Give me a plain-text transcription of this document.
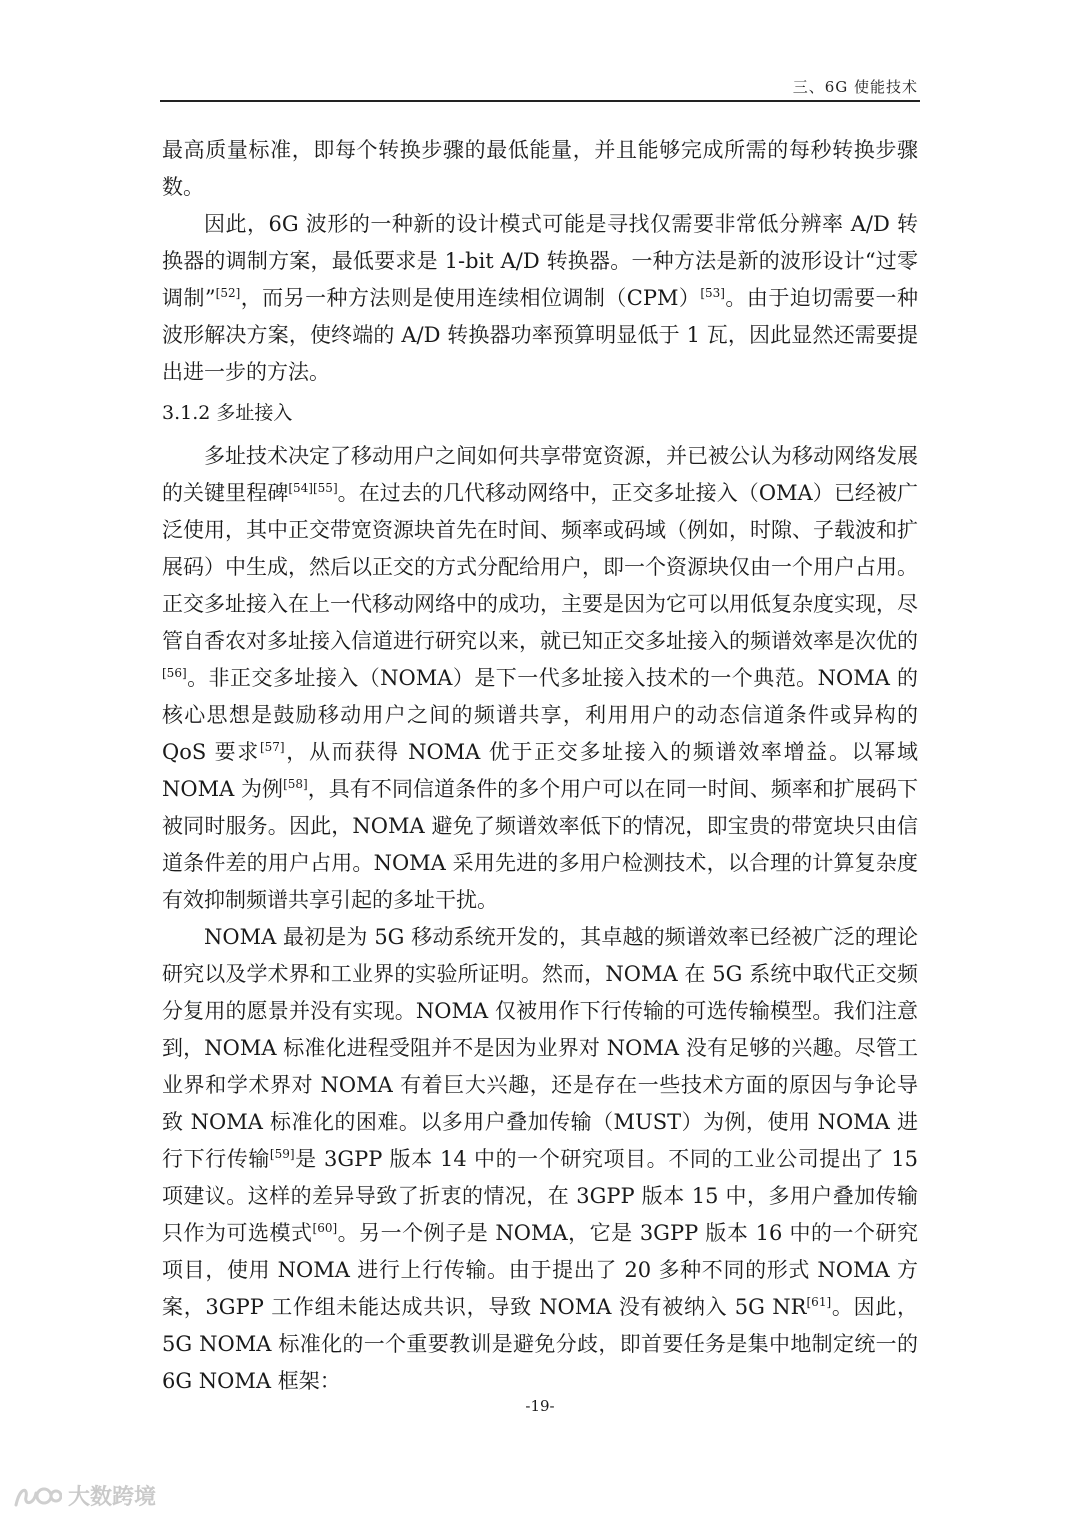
三、6G 使能技术

最高质量标准，即每个转换步骤的最低能量，并且能够完成所需的每秒转换步骤数。

因此，6G 波形的一种新的设计模式可能是寻找仅需要非常低分辨率 A/D 转换器的调制方案，最低要求是 1-bit A/D 转换器。一种方法是新的波形设计“过零调制”[52]，而另一种方法则是使用连续相位调制（CPM）[53]。由于迫切需要一种波形解决方案，使终端的 A/D 转换器功率预算明显低于 1 瓦，因此显然还需要提出进一步的方法。

3.1.2 多址接入

多址技术决定了移动用户之间如何共享带宽资源，并已被公认为移动网络发展的关键里程碑[54][55]。在过去的几代移动网络中，正交多址接入（OMA）已经被广泛使用，其中正交带宽资源块首先在时间、频率或码域（例如，时隙、子载波和扩展码）中生成，然后以正交的方式分配给用户，即一个资源块仅由一个用户占用。正交多址接入在上一代移动网络中的成功，主要是因为它可以用低复杂度实现，尽管自香农对多址接入信道进行研究以来，就已知正交多址接入的频谱效率是次优的[56]。非正交多址接入（NOMA）是下一代多址接入技术的一个典范。NOMA 的核心思想是鼓励移动用户之间的频谱共享，利用用户的动态信道条件或异构的 QoS 要求[57]，从而获得 NOMA 优于正交多址接入的频谱效率增益。以幂域 NOMA 为例[58]，具有不同信道条件的多个用户可以在同一时间、频率和扩展码下被同时服务。因此，NOMA 避免了频谱效率低下的情况，即宝贵的带宽块只由信道条件差的用户占用。NOMA 采用先进的多用户检测技术，以合理的计算复杂度有效抑制频谱共享引起的多址干扰。

NOMA 最初是为 5G 移动系统开发的，其卓越的频谱效率已经被广泛的理论研究以及学术界和工业界的实验所证明。然而，NOMA 在 5G 系统中取代正交频分复用的愿景并没有实现。NOMA 仅被用作下行传输的可选传输模型。我们注意到，NOMA 标准化进程受阻并不是因为业界对 NOMA 没有足够的兴趣。尽管工业界和学术界对 NOMA 有着巨大兴趣，还是存在一些技术方面的原因与争论导致 NOMA 标准化的困难。以多用户叠加传输（MUST）为例，使用 NOMA 进行下行传输[59]是 3GPP 版本 14 中的一个研究项目。不同的工业公司提出了 15 项建议。这样的差异导致了折衷的情况，在 3GPP 版本 15 中，多用户叠加传输只作为可选模式[60]。另一个例子是 NOMA，它是 3GPP 版本 16 中的一个研究项目，使用 NOMA 进行上行传输。由于提出了 20 多种不同的形式 NOMA 方案，3GPP 工作组未能达成共识，导致 NOMA 没有被纳入 5G NR[61]。因此，5G NOMA 标准化的一个重要教训是避免分歧，即首要任务是集中地制定统一的 6G NOMA 框架：

-19-
大数跨境
